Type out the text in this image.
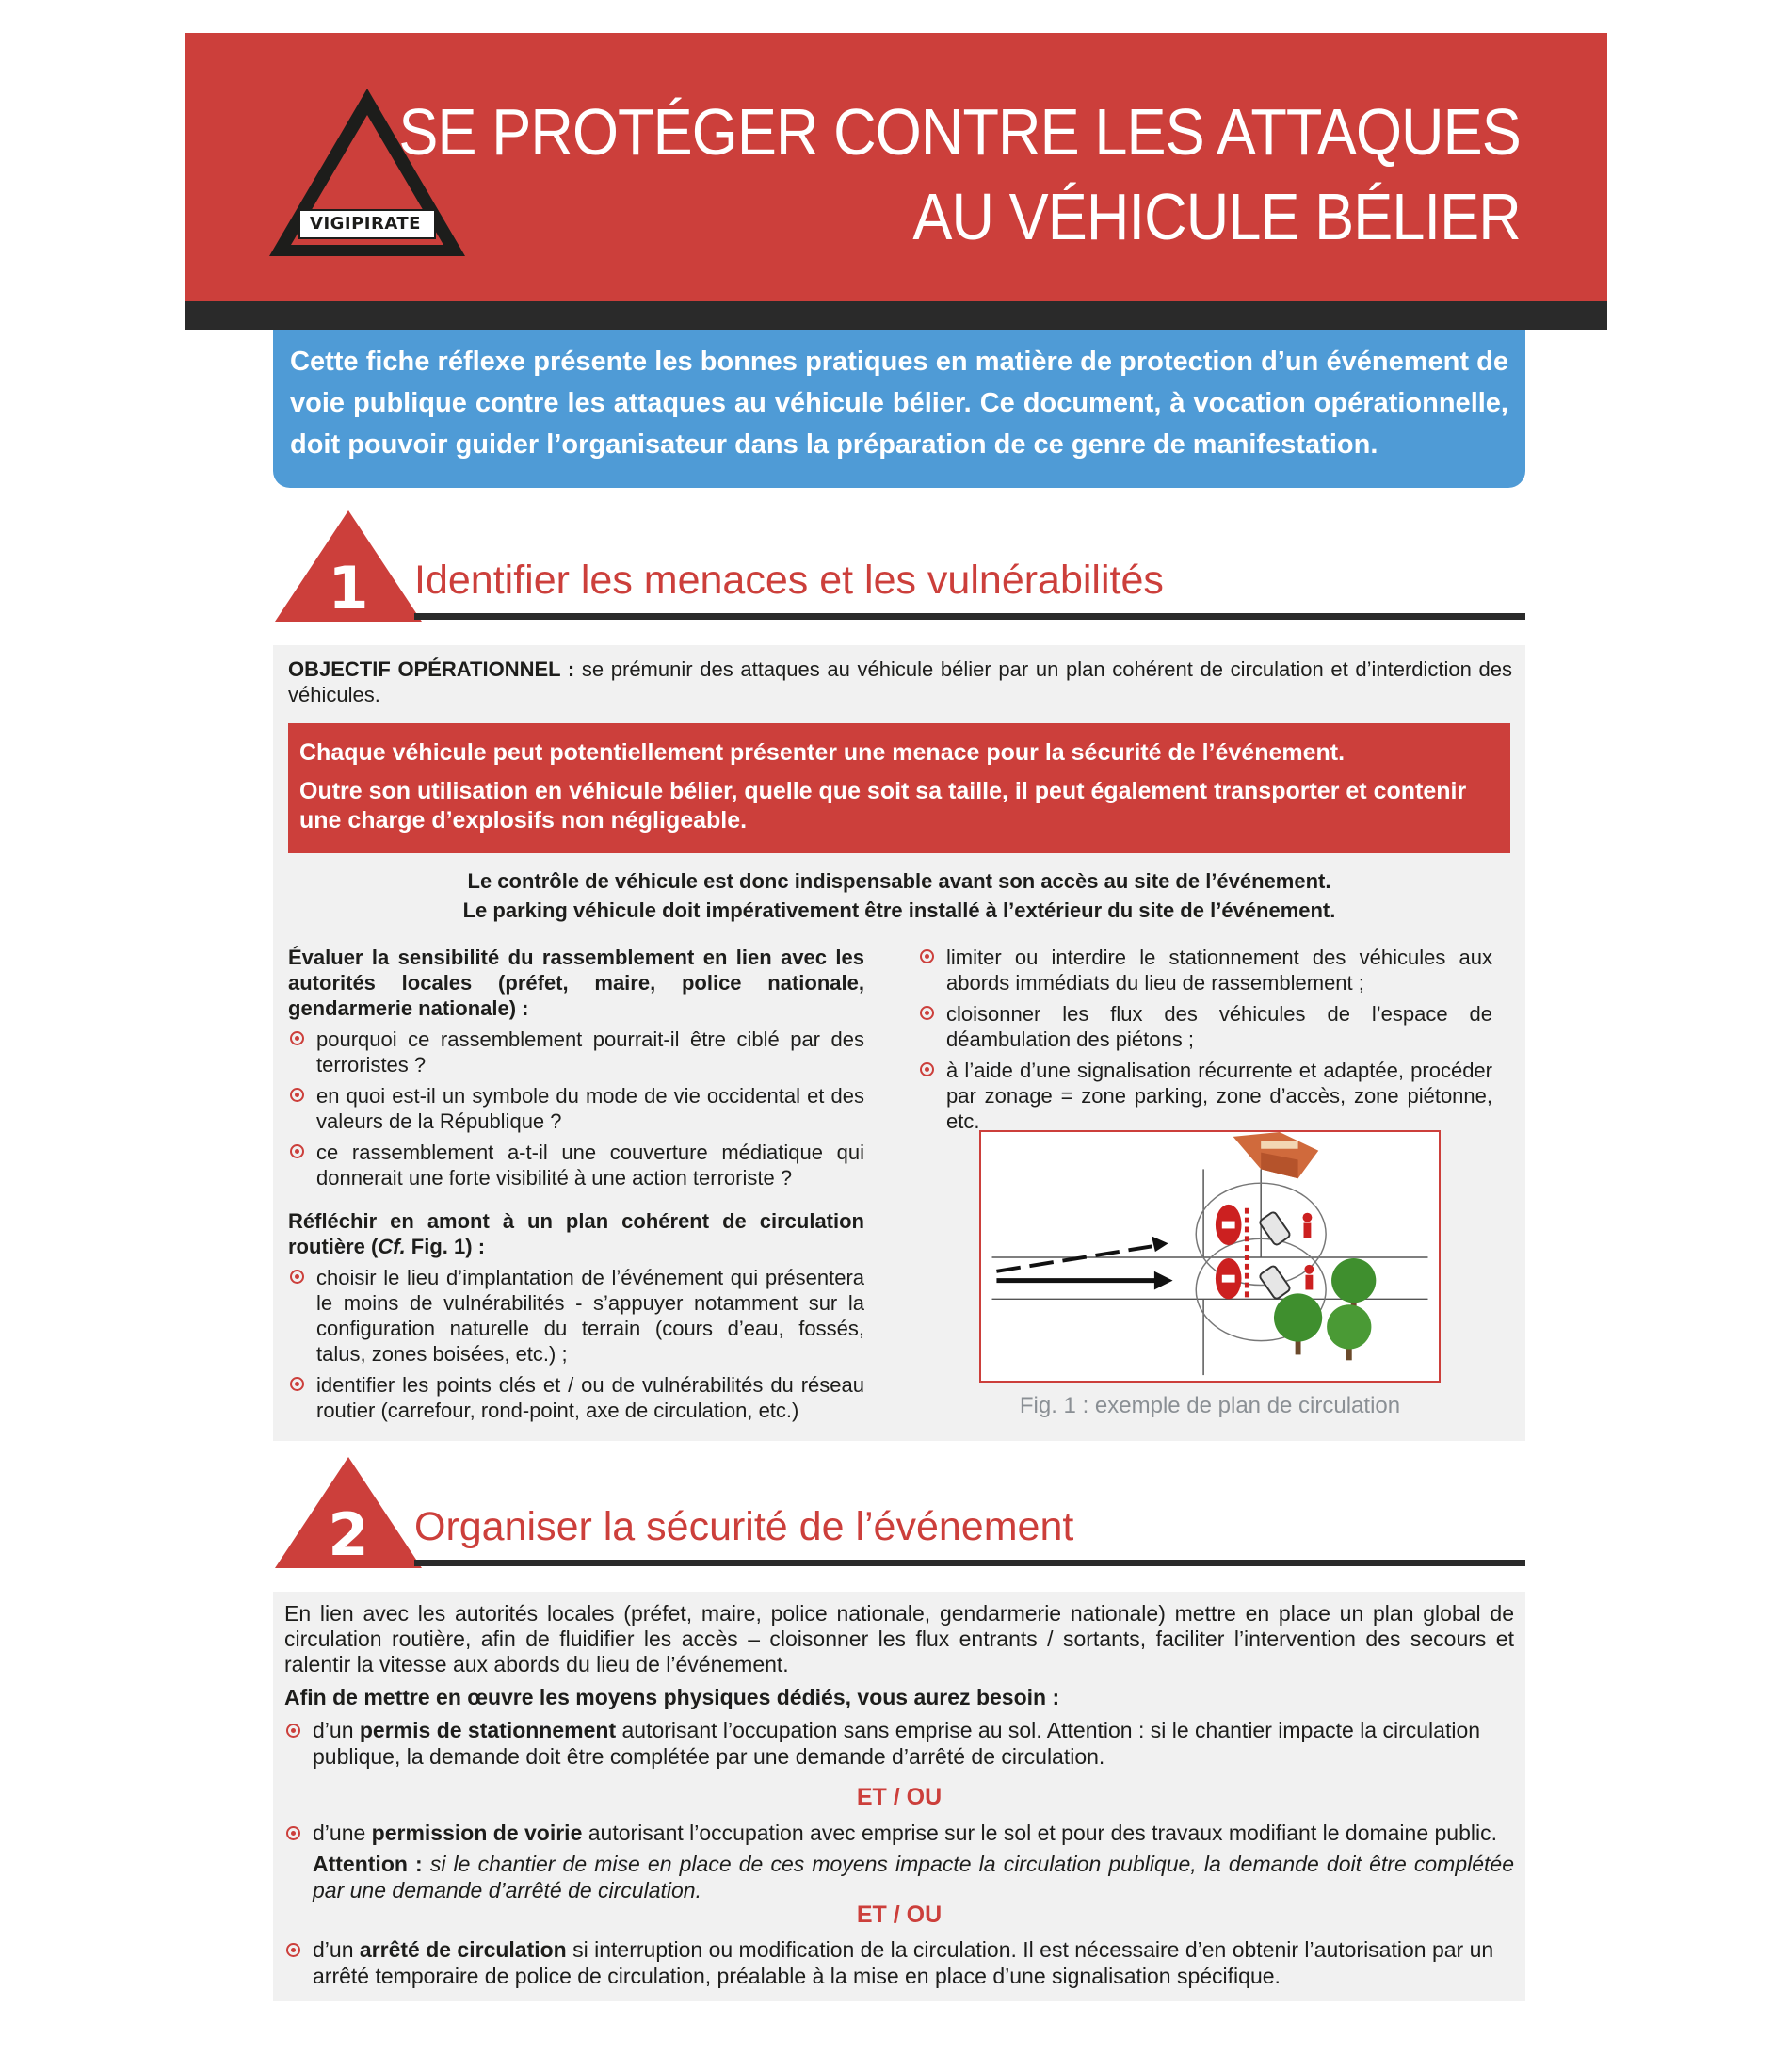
VIGIPIRATE
SE PROTÉGER CONTRE LES ATTAQUES
AU VÉHICULE BÉLIER
Cette fiche réflexe présente les bonnes pratiques en matière de protection d’un événement de voie publique contre les attaques au véhicule bélier. Ce document, à vocation opérationnelle, doit pouvoir guider l’organisateur dans la préparation de ce genre de manifestation.
1 Identifier les menaces et les vulnérabilités
OBJECTIF OPÉRATIONNEL : se prémunir des attaques au véhicule bélier par un plan cohérent de circulation et d’interdiction des véhicules.

Chaque véhicule peut potentiellement présenter une menace pour la sécurité de l’événement.

Outre son utilisation en véhicule bélier, quelle que soit sa taille, il peut également transporter et contenir une charge d’explosifs non négligeable.

Le contrôle de véhicule est donc indispensable avant son accès au site de l’événement.
Le parking véhicule doit impérativement être installé à l’extérieur du site de l’événement.
Évaluer la sensibilité du rassemblement en lien avec les autorités locales (préfet, maire, police nationale, gendarmerie nationale) :
pourquoi ce rassemblement pourrait-il être ciblé par des terroristes ?
en quoi est-il un symbole du mode de vie occidental et des valeurs de la République ?
ce rassemblement a-t-il une couverture médiatique qui donnerait une forte visibilité à une action terroriste ?
Réfléchir en amont à un plan cohérent de circulation routière (Cf. Fig. 1) :
choisir le lieu d’implantation de l’événement qui présentera le moins de vulnérabilités - s’appuyer notamment sur la configuration naturelle du terrain (cours d’eau, fossés, talus, zones boisées, etc.) ;
identifier les points clés et / ou de vulnérabilités du réseau routier (carrefour, rond-point, axe de circulation, etc.)
limiter ou interdire le stationnement des véhicules aux abords immédiats du lieu de rassemblement ;
cloisonner les flux des véhicules de l’espace de déambulation des piétons ;
à l’aide d’une signalisation récurrente et adaptée, procéder par zonage = zone parking, zone d’accès, zone piétonne, etc.
Fig. 1 : exemple de plan de circulation
2 Organiser la sécurité de l’événement
En lien avec les autorités locales (préfet, maire, police nationale, gendarmerie nationale) mettre en place un plan global de circulation routière, afin de fluidifier les accès – cloisonner les flux entrants / sortants, faciliter l’intervention des secours et ralentir la vitesse aux abords du lieu de l’événement.
Afin de mettre en œuvre les moyens physiques dédiés, vous aurez besoin :
d’un permis de stationnement autorisant l’occupation sans emprise au sol. Attention : si le chantier impacte la circulation publique, la demande doit être complétée par une demande d’arrêté de circulation.
ET / OU
d’une permission de voirie autorisant l’occupation avec emprise sur le sol et pour des travaux modifiant le domaine public.
Attention : si le chantier de mise en place de ces moyens impacte la circulation publique, la demande doit être complétée par une demande d’arrêté de circulation.
ET / OU
d’un arrêté de circulation si interruption ou modification de la circulation. Il est nécessaire d’en obtenir l’autorisation par un arrêté temporaire de police de circulation, préalable à la mise en place d’une signalisation spécifique.
